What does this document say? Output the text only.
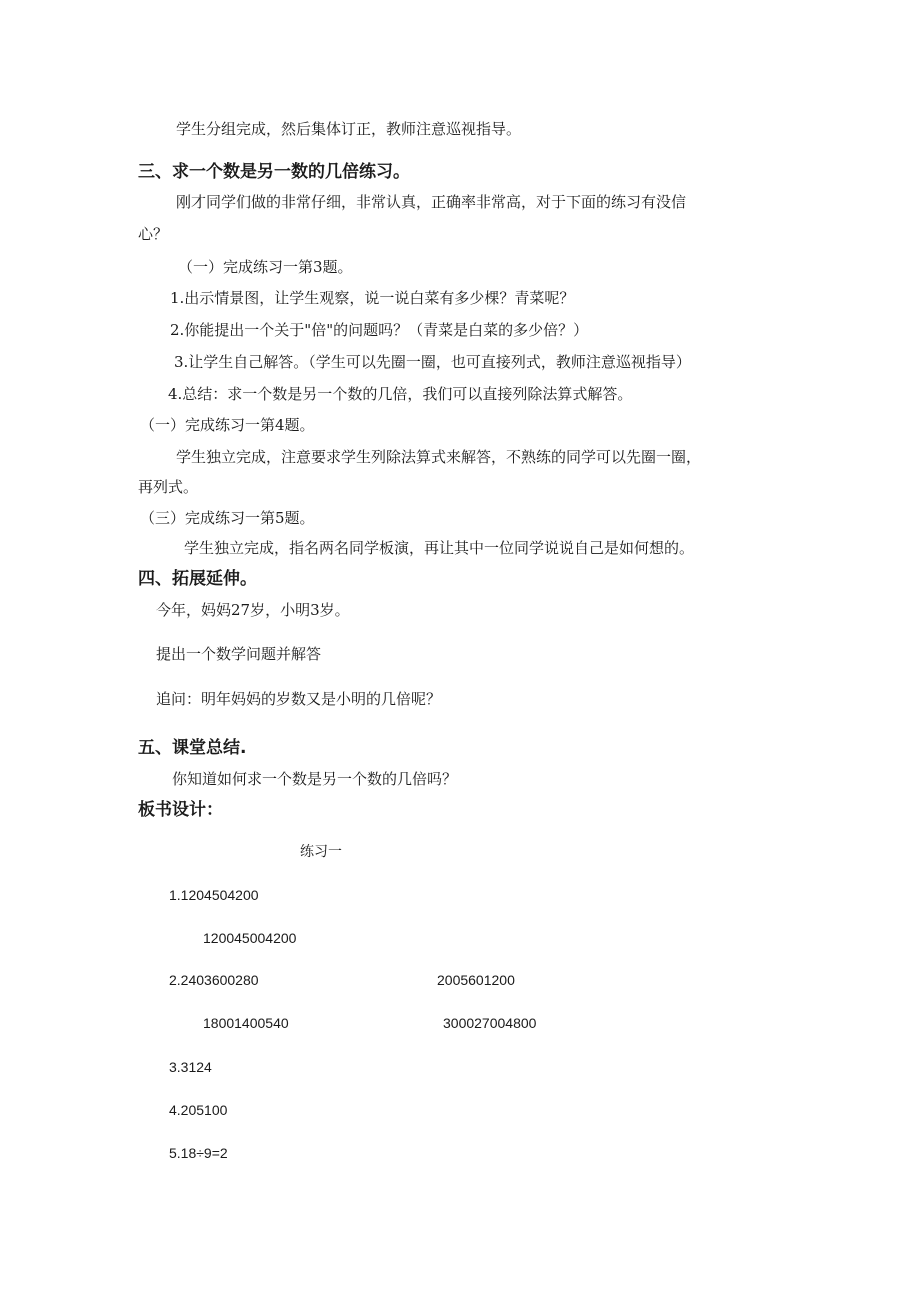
学生分组完成，然后集体订正，教师注意巡视指导。
三、求一个数是另一数的几倍练习。
刚才同学们做的非常仔细，非常认真，正确率非常高，对于下面的练习有没信
心？
（一）完成练习一第3题。
1.出示情景图，让学生观察，说一说白菜有多少棵？青菜呢？
2.你能提出一个关于"倍"的问题吗？（青菜是白菜的多少倍？）
3.让学生自己解答。（学生可以先圈一圈，也可直接列式，教师注意巡视指导）
4.总结：求一个数是另一个数的几倍，我们可以直接列除法算式解答。
（一）完成练习一第4题。
学生独立完成，注意要求学生列除法算式来解答，不熟练的同学可以先圈一圈，
再列式。
（三）完成练习一第5题。
学生独立完成，指名两名同学板演，再让其中一位同学说说自己是如何想的。
四、拓展延伸。
今年，妈妈27岁，小明3岁。
提出一个数学问题并解答
追问：明年妈妈的岁数又是小明的几倍呢？
五、课堂总结.
你知道如何求一个数是另一个数的几倍吗？
板书设计：
练习一
1.1204504200
120045004200
2.2403600280	2005601200
18001400540	300027004800
3.3124
4.205100
5.18÷9=2
